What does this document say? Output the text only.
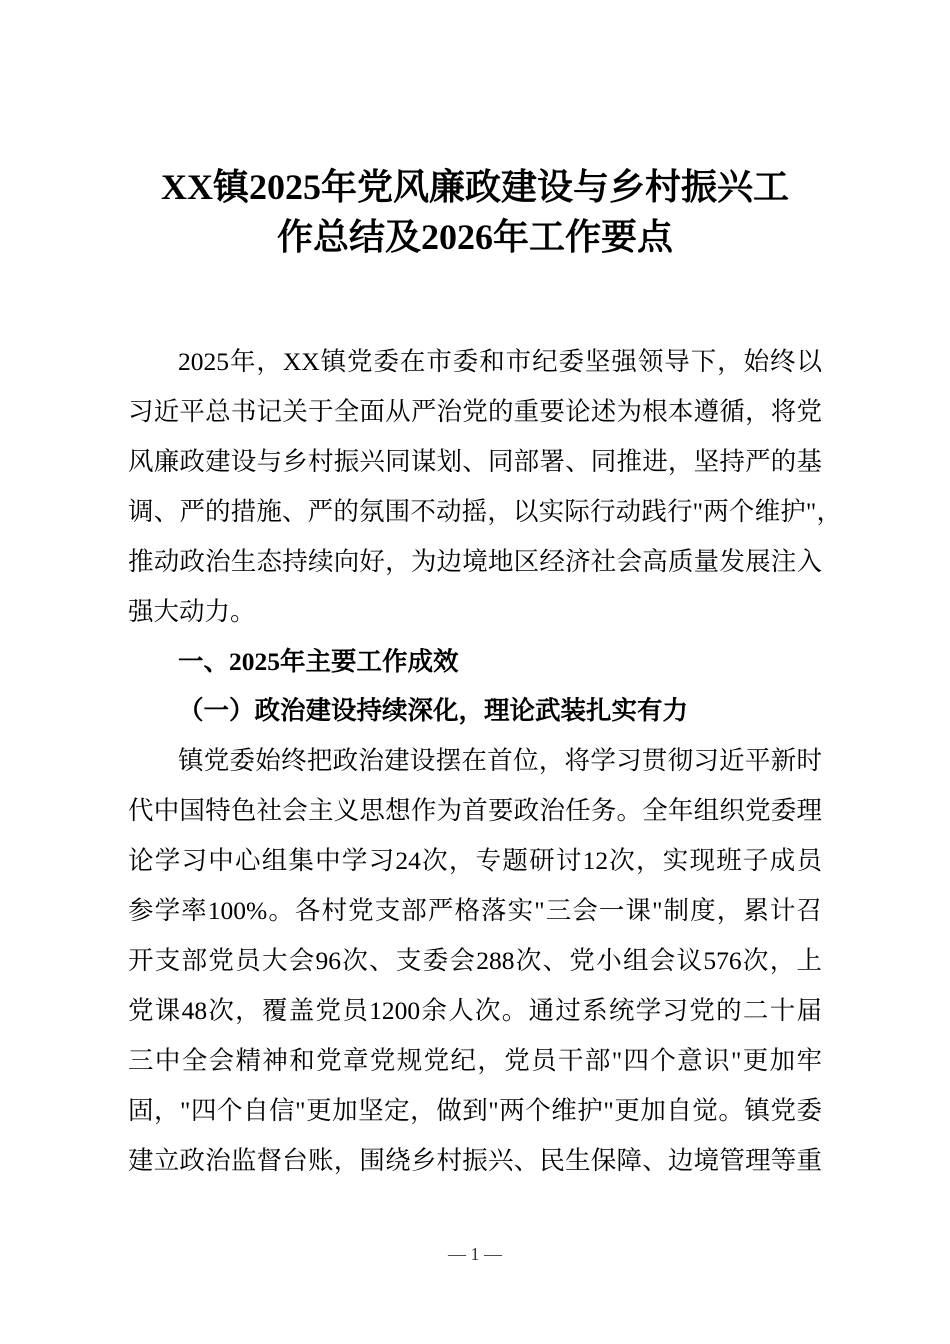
XX镇2025年党风廉政建设与乡村振兴工
作总结及2026年工作要点
2025年，XX镇党委在市委和市纪委坚强领导下，始终以
习近平总书记关于全面从严治党的重要论述为根本遵循，将党
风廉政建设与乡村振兴同谋划、同部署、同推进，坚持严的基
调、严的措施、严的氛围不动摇，以实际行动践行"两个维护"，
推动政治生态持续向好，为边境地区经济社会高质量发展注入
强大动力。
一、2025年主要工作成效
（一）政治建设持续深化，理论武装扎实有力
镇党委始终把政治建设摆在首位，将学习贯彻习近平新时
代中国特色社会主义思想作为首要政治任务。全年组织党委理
论学习中心组集中学习24次，专题研讨12次，实现班子成员
参学率100%。各村党支部严格落实"三会一课"制度，累计召
开支部党员大会96次、支委会288次、党小组会议576次，上
党课48次，覆盖党员1200余人次。通过系统学习党的二十届
三中全会精神和党章党规党纪，党员干部"四个意识"更加牢
固，"四个自信"更加坚定，做到"两个维护"更加自觉。镇党委
建立政治监督台账，围绕乡村振兴、民生保障、边境管理等重
— 1 —
